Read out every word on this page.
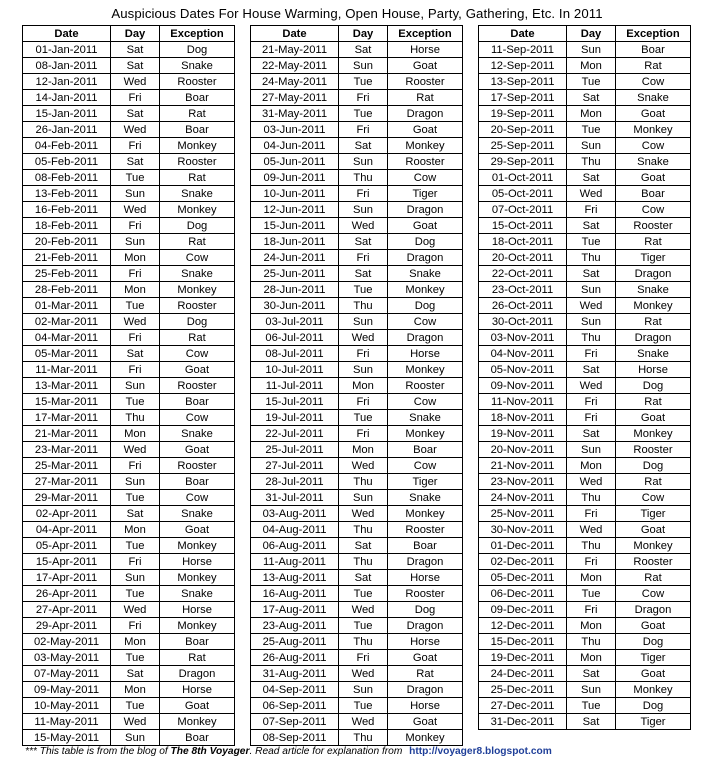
Auspicious Dates For House Warming, Open House, Party, Gathering, Etc. In 2011
Date	Day	Exception
01-Jan-2011	Sat	Dog
08-Jan-2011	Sat	Snake
12-Jan-2011	Wed	Rooster
14-Jan-2011	Fri	Boar
15-Jan-2011	Sat	Rat
26-Jan-2011	Wed	Boar
04-Feb-2011	Fri	Monkey
05-Feb-2011	Sat	Rooster
08-Feb-2011	Tue	Rat
13-Feb-2011	Sun	Snake
16-Feb-2011	Wed	Monkey
18-Feb-2011	Fri	Dog
20-Feb-2011	Sun	Rat
21-Feb-2011	Mon	Cow
25-Feb-2011	Fri	Snake
28-Feb-2011	Mon	Monkey
01-Mar-2011	Tue	Rooster
02-Mar-2011	Wed	Dog
04-Mar-2011	Fri	Rat
05-Mar-2011	Sat	Cow
11-Mar-2011	Fri	Goat
13-Mar-2011	Sun	Rooster
15-Mar-2011	Tue	Boar
17-Mar-2011	Thu	Cow
21-Mar-2011	Mon	Snake
23-Mar-2011	Wed	Goat
25-Mar-2011	Fri	Rooster
27-Mar-2011	Sun	Boar
29-Mar-2011	Tue	Cow
02-Apr-2011	Sat	Snake
04-Apr-2011	Mon	Goat
05-Apr-2011	Tue	Monkey
15-Apr-2011	Fri	Horse
17-Apr-2011	Sun	Monkey
26-Apr-2011	Tue	Snake
27-Apr-2011	Wed	Horse
29-Apr-2011	Fri	Monkey
02-May-2011	Mon	Boar
03-May-2011	Tue	Rat
07-May-2011	Sat	Dragon
09-May-2011	Mon	Horse
10-May-2011	Tue	Goat
11-May-2011	Wed	Monkey
15-May-2011	Sun	Boar
Date	Day	Exception
21-May-2011	Sat	Horse
22-May-2011	Sun	Goat
24-May-2011	Tue	Rooster
27-May-2011	Fri	Rat
31-May-2011	Tue	Dragon
03-Jun-2011	Fri	Goat
04-Jun-2011	Sat	Monkey
05-Jun-2011	Sun	Rooster
09-Jun-2011	Thu	Cow
10-Jun-2011	Fri	Tiger
12-Jun-2011	Sun	Dragon
15-Jun-2011	Wed	Goat
18-Jun-2011	Sat	Dog
24-Jun-2011	Fri	Dragon
25-Jun-2011	Sat	Snake
28-Jun-2011	Tue	Monkey
30-Jun-2011	Thu	Dog
03-Jul-2011	Sun	Cow
06-Jul-2011	Wed	Dragon
08-Jul-2011	Fri	Horse
10-Jul-2011	Sun	Monkey
11-Jul-2011	Mon	Rooster
15-Jul-2011	Fri	Cow
19-Jul-2011	Tue	Snake
22-Jul-2011	Fri	Monkey
25-Jul-2011	Mon	Boar
27-Jul-2011	Wed	Cow
28-Jul-2011	Thu	Tiger
31-Jul-2011	Sun	Snake
03-Aug-2011	Wed	Monkey
04-Aug-2011	Thu	Rooster
06-Aug-2011	Sat	Boar
11-Aug-2011	Thu	Dragon
13-Aug-2011	Sat	Horse
16-Aug-2011	Tue	Rooster
17-Aug-2011	Wed	Dog
23-Aug-2011	Tue	Dragon
25-Aug-2011	Thu	Horse
26-Aug-2011	Fri	Goat
31-Aug-2011	Wed	Rat
04-Sep-2011	Sun	Dragon
06-Sep-2011	Tue	Horse
07-Sep-2011	Wed	Goat
08-Sep-2011	Thu	Monkey
Date	Day	Exception
11-Sep-2011	Sun	Boar
12-Sep-2011	Mon	Rat
13-Sep-2011	Tue	Cow
17-Sep-2011	Sat	Snake
19-Sep-2011	Mon	Goat
20-Sep-2011	Tue	Monkey
25-Sep-2011	Sun	Cow
29-Sep-2011	Thu	Snake
01-Oct-2011	Sat	Goat
05-Oct-2011	Wed	Boar
07-Oct-2011	Fri	Cow
15-Oct-2011	Sat	Rooster
18-Oct-2011	Tue	Rat
20-Oct-2011	Thu	Tiger
22-Oct-2011	Sat	Dragon
23-Oct-2011	Sun	Snake
26-Oct-2011	Wed	Monkey
30-Oct-2011	Sun	Rat
03-Nov-2011	Thu	Dragon
04-Nov-2011	Fri	Snake
05-Nov-2011	Sat	Horse
09-Nov-2011	Wed	Dog
11-Nov-2011	Fri	Rat
18-Nov-2011	Fri	Goat
19-Nov-2011	Sat	Monkey
20-Nov-2011	Sun	Rooster
21-Nov-2011	Mon	Dog
23-Nov-2011	Wed	Rat
24-Nov-2011	Thu	Cow
25-Nov-2011	Fri	Tiger
30-Nov-2011	Wed	Goat
01-Dec-2011	Thu	Monkey
02-Dec-2011	Fri	Rooster
05-Dec-2011	Mon	Rat
06-Dec-2011	Tue	Cow
09-Dec-2011	Fri	Dragon
12-Dec-2011	Mon	Goat
15-Dec-2011	Thu	Dog
19-Dec-2011	Mon	Tiger
24-Dec-2011	Sat	Goat
25-Dec-2011	Sun	Monkey
27-Dec-2011	Tue	Dog
31-Dec-2011	Sat	Tiger
*** This table is from the blog of The 8th Voyager. Read article for explanation from http://voyager8.blogspot.com
